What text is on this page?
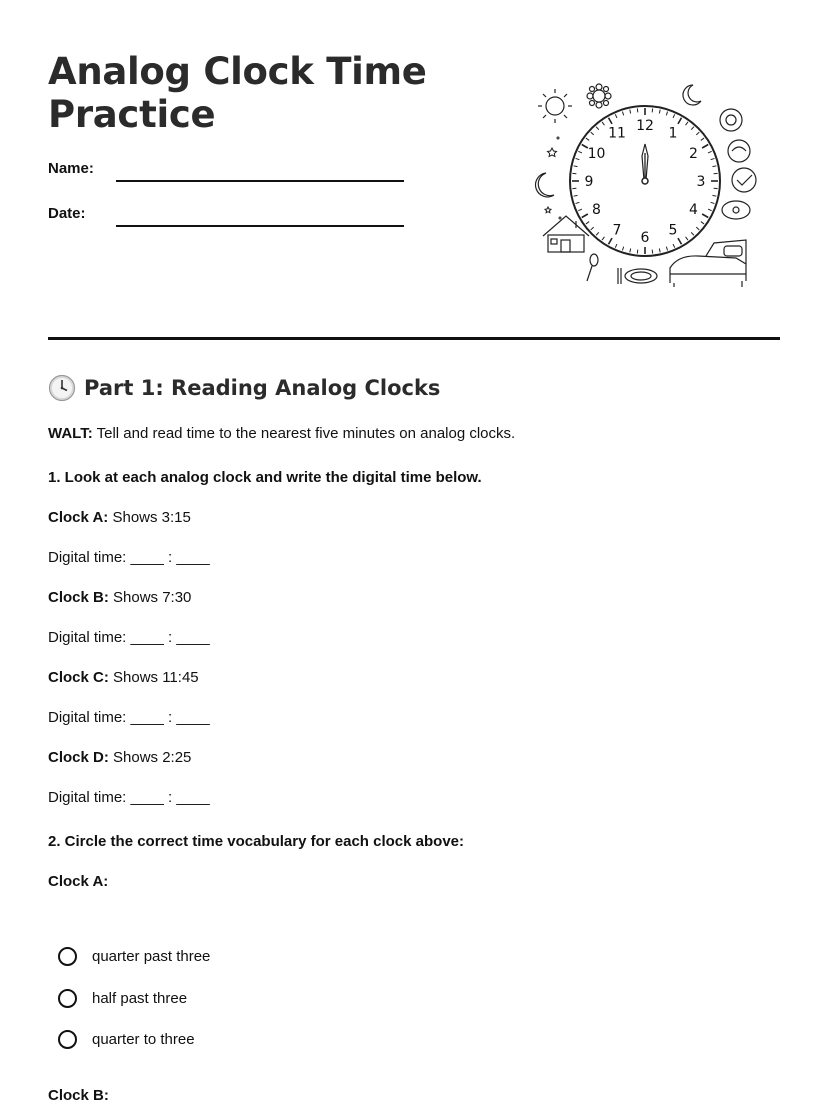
Analog Clock Time Practice
Name:
Date:
12 1
2
3
4
5
6
7
8
9
10
11
Part 1: Reading Analog Clocks
WALT: Tell and read time to the nearest five minutes on analog clocks.
1. Look at each analog clock and write the digital time below.
Clock A: Shows 3:15
Digital time: ____ : ____
Clock B: Shows 7:30
Digital time: ____ : ____
Clock C: Shows 11:45
Digital time: ____ : ____
Clock D: Shows 2:25
Digital time: ____ : ____
2. Circle the correct time vocabulary for each clock above:
Clock A:
quarter past three
half past three
quarter to three
Clock B:
